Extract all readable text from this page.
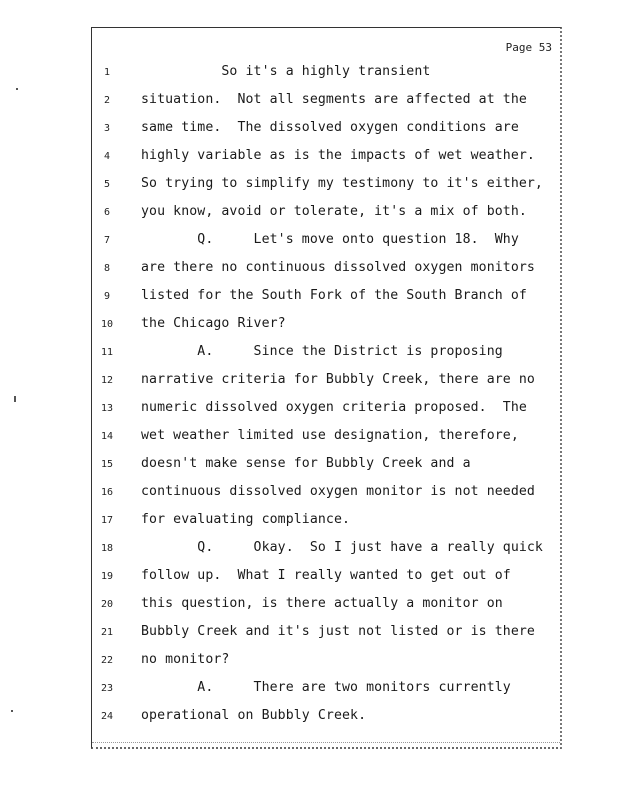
Page 53
1	So it's a highly transient
2	situation.  Not all segments are affected at the
3	same time.  The dissolved oxygen conditions are
4	highly variable as is the impacts of wet weather.
5	So trying to simplify my testimony to it's either,
6	you know, avoid or tolerate, it's a mix of both.
7	Q.     Let's move onto question 18.  Why
8	are there no continuous dissolved oxygen monitors
9	listed for the South Fork of the South Branch of
10	the Chicago River?
11	A.     Since the District is proposing
12	narrative criteria for Bubbly Creek, there are no
13	numeric dissolved oxygen criteria proposed.  The
14	wet weather limited use designation, therefore,
15	doesn't make sense for Bubbly Creek and a
16	continuous dissolved oxygen monitor is not needed
17	for evaluating compliance.
18	Q.     Okay.  So I just have a really quick
19	follow up.  What I really wanted to get out of
20	this question, is there actually a monitor on
21	Bubbly Creek and it's just not listed or is there
22	no monitor?
23	A.     There are two monitors currently
24	operational on Bubbly Creek.
